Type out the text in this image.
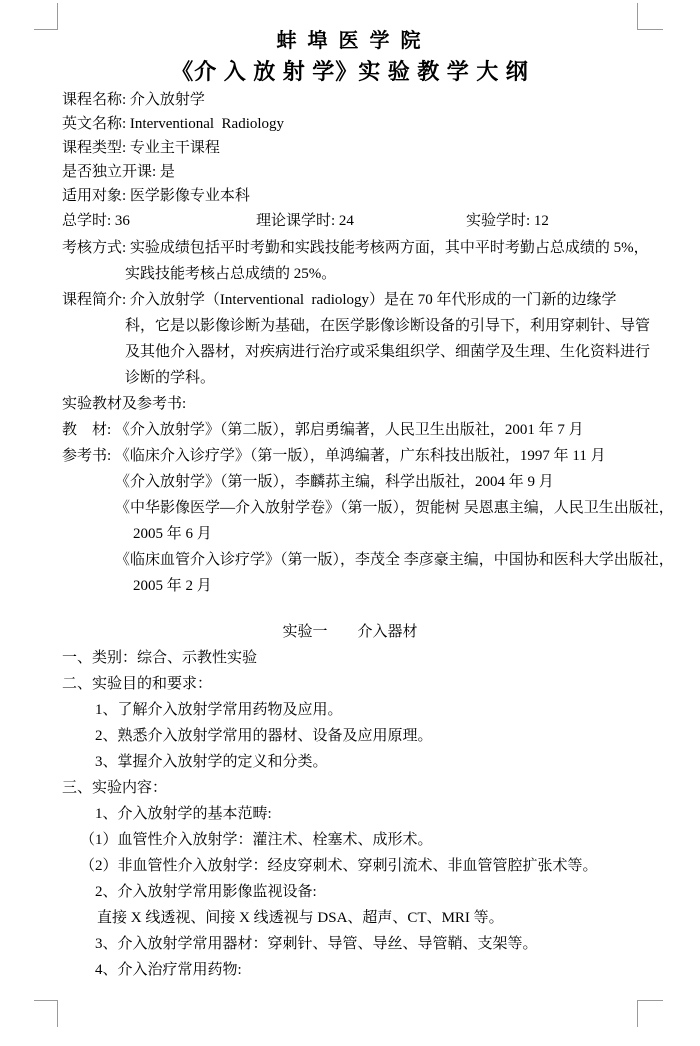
蚌 埠 医 学 院
《介 入 放 射 学》实 验 教 学 大 纲
课程名称: 介入放射学
英文名称: Interventional  Radiology
课程类型: 专业主干课程
是否独立开课: 是
适用对象: 医学影像专业本科
总学时: 36	理论课学时: 24	实验学时: 12
考核方式: 实验成绩包括平时考勤和实践技能考核两方面，其中平时考勤占总成绩的 5%，
实践技能考核占总成绩的 25%。
课程简介: 介入放射学（Interventional  radiology）是在 70 年代形成的一门新的边缘学
科，它是以影像诊断为基础，在医学影像诊断设备的引导下，利用穿刺针、导管
及其他介入器材，对疾病进行治疗或采集组织学、细菌学及生理、生化资料进行
诊断的学科。
实验教材及参考书:
教　材: 《介入放射学》（第二版），郭启勇编著，人民卫生出版社，2001 年 7 月
参考书: 《临床介入诊疗学》（第一版），单鸿编著，广东科技出版社，1997 年 11 月
《介入放射学》（第一版），李麟荪主编，科学出版社，2004 年 9 月
《中华影像医学—介入放射学卷》（第一版），贺能树 吴恩惠主编，人民卫生出版社，
2005 年 6 月
《临床血管介入诊疗学》（第一版），李茂全 李彦豪主编，中国协和医科大学出版社，
2005 年 2 月
实验一　　介入器材
一、类别：综合、示教性实验
二、实验目的和要求：
1、了解介入放射学常用药物及应用。
2、熟悉介入放射学常用的器材、设备及应用原理。
3、掌握介入放射学的定义和分类。
三、实验内容：
1、介入放射学的基本范畴:
（1）血管性介入放射学：灌注术、栓塞术、成形术。
（2）非血管性介入放射学：经皮穿刺术、穿刺引流术、非血管管腔扩张术等。
2、介入放射学常用影像监视设备:
直接 X 线透视、间接 X 线透视与 DSA、超声、CT、MRI 等。
3、介入放射学常用器材：穿刺针、导管、导丝、导管鞘、支架等。
4、介入治疗常用药物:
